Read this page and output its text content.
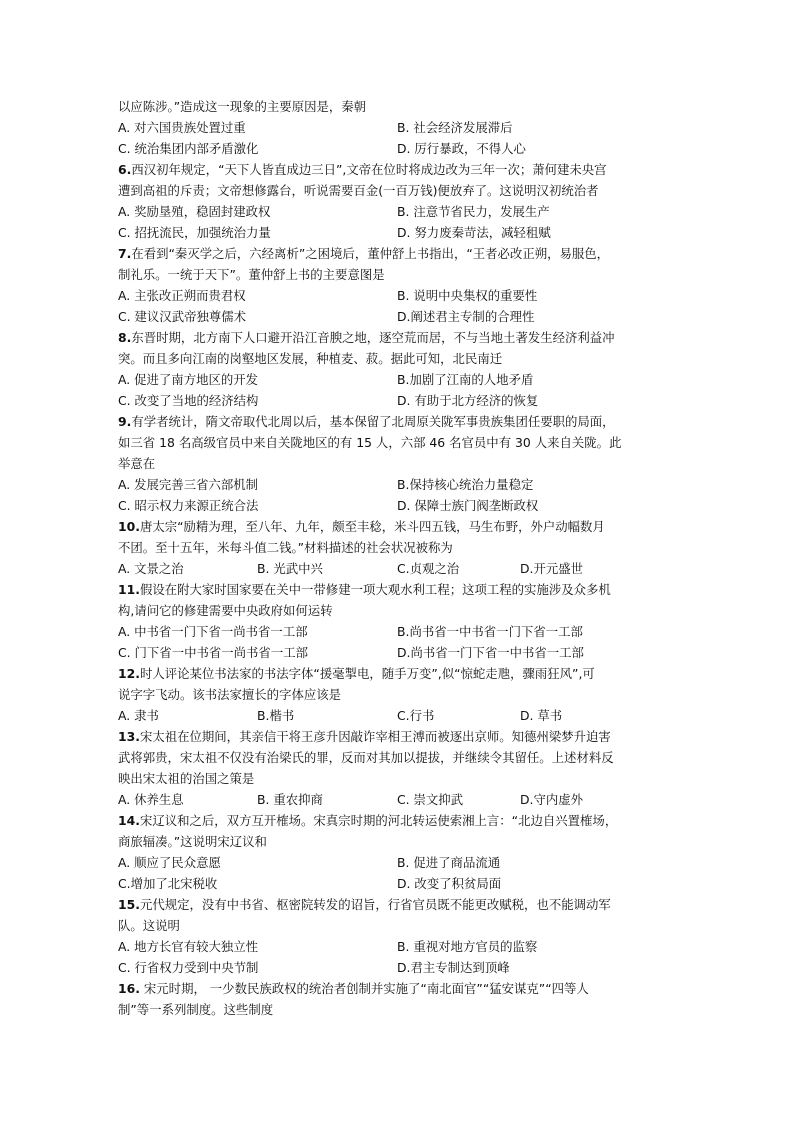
以应陈涉。”造成这一现象的主要原因是，秦朝
A. 对六国贵族处置过重	B. 社会经济发展滞后
C. 统治集团内部矛盾激化	D. 厉行暴政，不得人心
6.西汉初年规定，“天下人皆直成边三日”,文帝在位时将成边改为三年一次；萧何建未央宫
遭到高祖的斥责；文帝想修露台，听说需要百金(一百万钱)便放弃了。这说明汉初统治者
A. 奖励垦殖，稳固封建政权	B. 注意节省民力，发展生产
C. 招抚流民，加强统治力量	D. 努力废秦苛法，减轻租赋
7.在看到“秦灭学之后，六经离析”之困境后，董仲舒上书指出，“王者必改正朔，易服色，
制礼乐。一统于天下”。董仲舒上书的主要意图是
A. 主张改正朔而贵君权	B. 说明中央集权的重要性
C. 建议汉武帝独尊儒术	D.阐述君主专制的合理性
8.东晋时期，北方南下人口避开沿江音腴之地，逐空荒而居，不与当地土著发生经济利益冲
突。而且多向江南的岗壑地区发展，种植麦、菽。据此可知，北民南迁
A. 促进了南方地区的开发	B.加剧了江南的人地矛盾
C. 改变了当地的经济结构	D. 有助于北方经济的恢复
9.有学者统计，隋文帝取代北周以后，基本保留了北周原关陇军事贵族集团任要职的局面，
如三省 18 名高级官员中来自关陇地区的有 15 人，六部 46 名官员中有 30 人来自关陇。此
举意在
A. 发展完善三省六部机制	B.保持核心统治力量稳定
C. 昭示权力来源正统合法	D. 保障士族门阀垄断政权
10.唐太宗“励精为理，至八年、九年，颇至丰稔，米斗四五钱，马生布野，外户动幅数月
不团。至十五年，米每斗值二钱。”材料描述的社会状况被称为
A. 文景之治	B. 光武中兴	C.贞观之治	D.开元盛世
11.假设在附大家时国家要在关中一带修建一项大观水利工程；这项工程的实施涉及众多机
构,请问它的修建需要中央政府如何运转
A. 中书省一门下省一尚书省一工部	B.尚书省一中书省一门下省一工部
C. 门下省一中书省一尚书省一工部	D.尚书省一门下省一中书省一工部
12.时人评论某位书法家的书法字体“援毫掣电，随手万变”,似“惊蛇走虺，骤雨狂风”,可
说字字飞动。该书法家擅长的字体应该是
A. 隶书	B.楷书	C.行书	D. 草书
13.宋太祖在位期间，其亲信干将王彦升因敲诈宰相王溥而被逐出京师。知德州梁梦升迫害
武将郭贵，宋太祖不仅没有治梁氏的罪，反而对其加以提拔，并继续令其留任。上述材料反
映出宋太祖的治国之策是
A. 休养生息	B. 重农抑商	C. 崇文抑武	D.守内虚外
14.宋辽议和之后，双方互开榷场。宋真宗时期的河北转运使索湘上言：“北边自兴置榷场，
商旅辐凑。”这说明宋辽议和
A. 顺应了民众意愿	B. 促进了商品流通
C.增加了北宋税收	D. 改变了积贫局面
15.元代规定，没有中书省、枢密院转发的诏旨，行省官员既不能更改赋税，也不能调动军
队。这说明
A. 地方长官有较大独立性	B. 重视对地方官员的监察
C. 行省权力受到中央节制	D.君主专制达到顶峰
16. 宋元时期， 一少数民族政权的统治者创制并实施了“南北面官”“猛安谋克”“四等人
制”等一系列制度。这些制度
